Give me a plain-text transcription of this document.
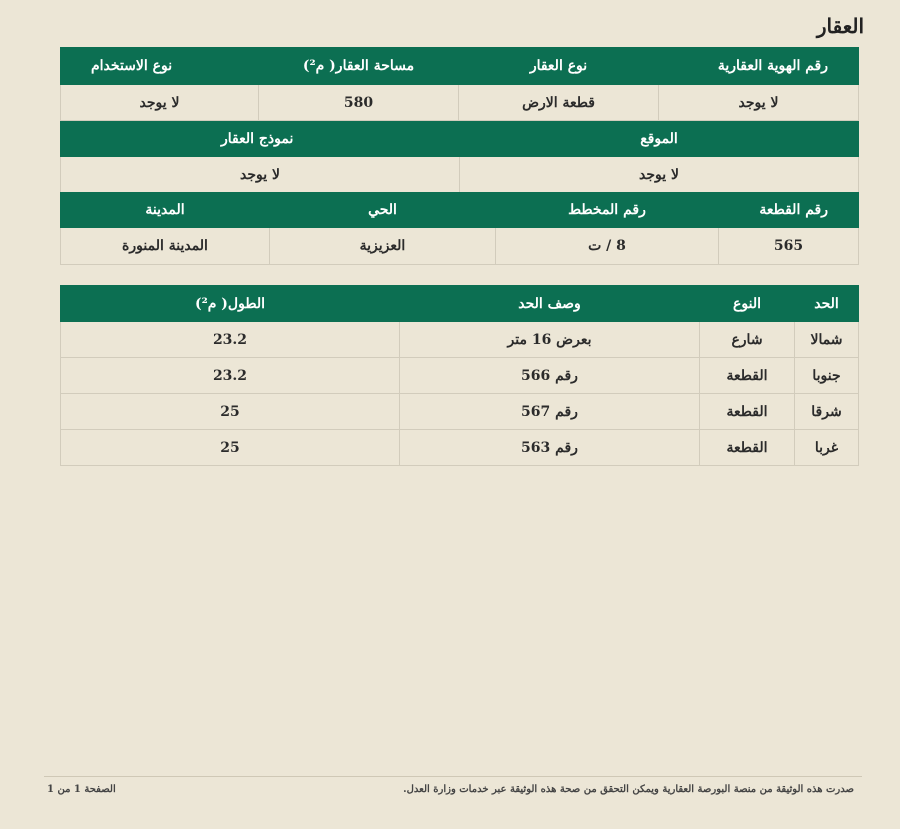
العقار
رقم الهوية العقارية	نوع العقار	مساحة العقار( م²)	نوع الاستخدام
لا يوجد	قطعة الارض	580	لا يوجد
الموقع	نموذج العقار
لا يوجد	لا يوجد
رقم القطعة	رقم المخطط	الحي	المدينة
565	8 / ت	العزيزية	المدينة المنورة
الحد	النوع	وصف الحد	الطول( م²)
شمالا	شارع	بعرض 16 متر	23.2
جنوبا	القطعة	رقم 566	23.2
شرقا	القطعة	رقم 567	25
غربا	القطعة	رقم 563	25
صدرت هذه الوثيقة من منصة البورصة العقارية ويمكن التحقق من صحة هذه الوثيقة عبر خدمات وزارة العدل.
الصفحة 1 من 1
